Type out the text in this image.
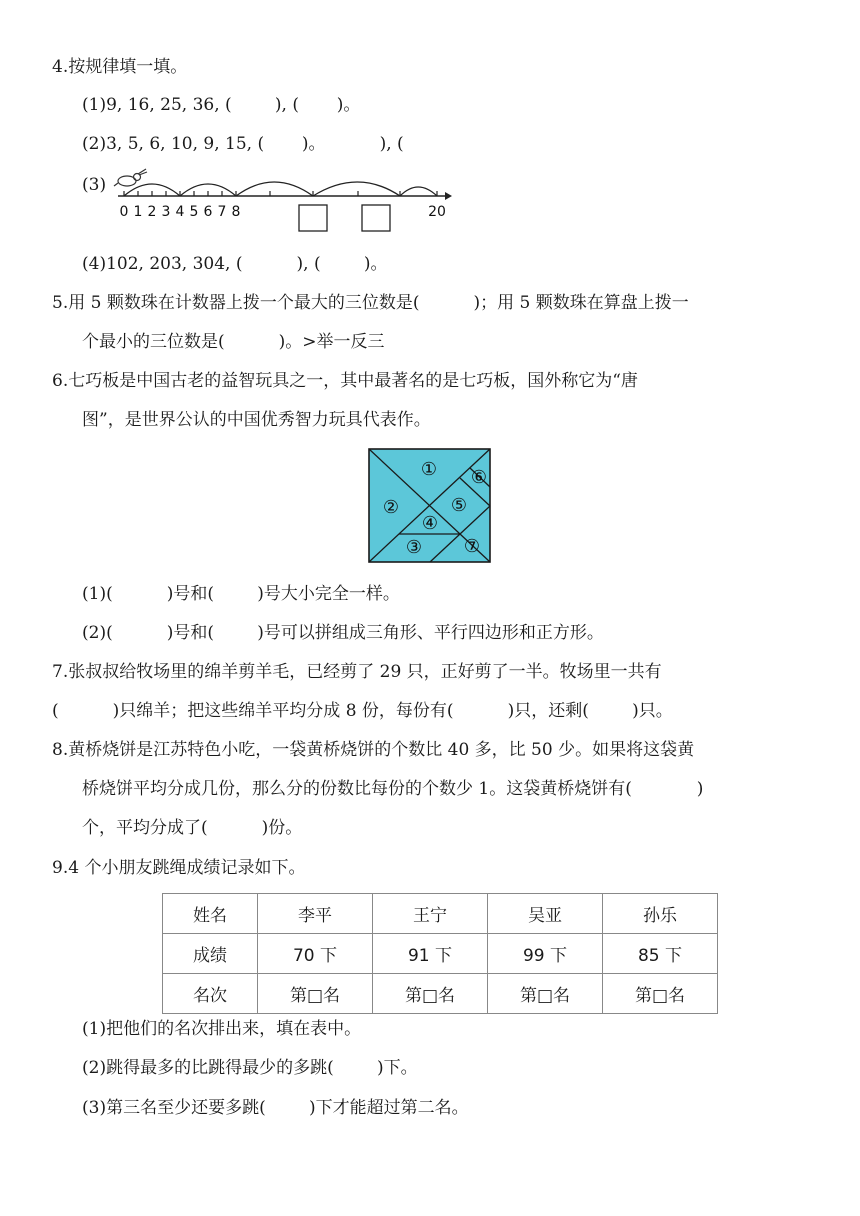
4.按规律填一填。

(1)9, 16, 25, 36, (        ), (       )。

(2)3, 5, 6, 10, 9, 15, (       )。          ), (

(3)

0 1 2 3 4 5 6 7 8	20

(4)102, 203, 304, (          ), (        )。

5.用 5 颗数珠在计数器上拨一个最大的三位数是(          )；用 5 颗数珠在算盘上拨一

个最小的三位数是(          )。>举一反三

6.七巧板是中国古老的益智玩具之一，其中最著名的是七巧板，国外称它为“唐

图”，是世界公认的中国优秀智力玩具代表作。

①
②
③
④
⑤
⑥
⑦

(1)(          )号和(        )号大小完全一样。

(2)(          )号和(        )号可以拼组成三角形、平行四边形和正方形。

7.张叔叔给牧场里的绵羊剪羊毛，已经剪了 29 只，正好剪了一半。牧场里一共有

(          )只绵羊；把这些绵羊平均分成 8 份，每份有(          )只，还剩(        )只。

8.黄桥烧饼是江苏特色小吃，一袋黄桥烧饼的个数比 40 多，比 50 少。如果将这袋黄

桥烧饼平均分成几份，那么分的份数比每份的个数少 1。这袋黄桥烧饼有(            )

个，平均分成了(          )份。

9.4 个小朋友跳绳成绩记录如下。

姓名	李平	王宁	吴亚	孙乐
成绩	70 下	91 下	99 下	85 下
名次	第□名	第□名	第□名	第□名

(1)把他们的名次排出来，填在表中。

(2)跳得最多的比跳得最少的多跳(        )下。

(3)第三名至少还要多跳(        )下才能超过第二名。
